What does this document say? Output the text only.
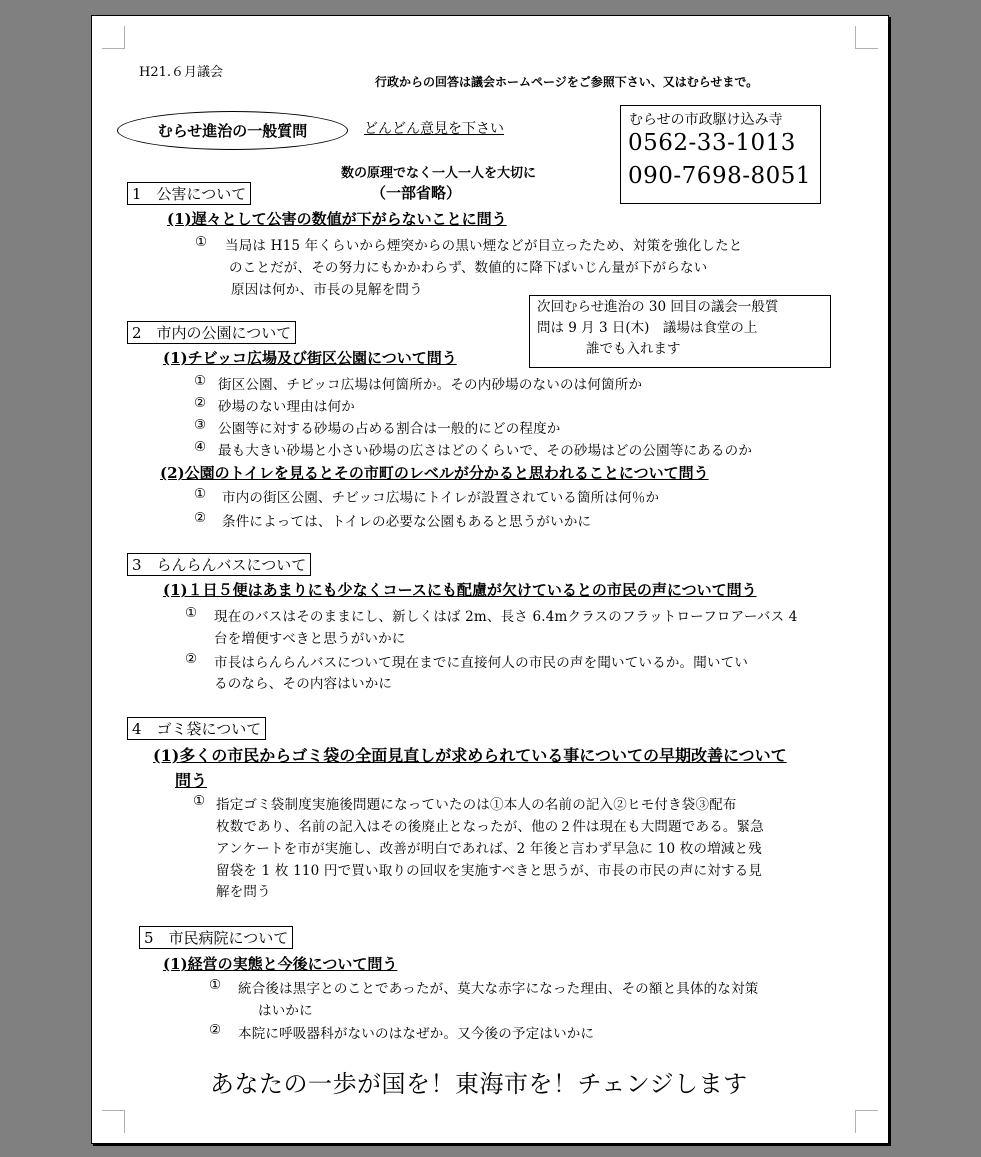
H21.６月議会
行政からの回答は議会ホームページをご参照下さい、又はむらせまで。
むらせ進治の一般質問	どんどん意見を下さい
数の原理でなく一人一人を大切に
（一部省略）
むらせの市政駆け込み寺
0562-33-1013
090-7698-8051
1　公害について
(1)遅々として公害の数値が下がらないことに問う
① 当局は H15 年くらいから煙突からの黒い煙などが目立ったため、対策を強化したと
のことだが、その努力にもかかわらず、数値的に降下ばいじん量が下がらない
原因は何か、市長の見解を問う
次回むらせ進治の 30 回目の議会一般質
問は 9 月 3 日(木)　議場は食堂の上
誰でも入れます
2　市内の公園について
(1)チビッコ広場及び街区公園について問う
① 街区公園、チビッコ広場は何箇所か。その内砂場のないのは何箇所か
② 砂場のない理由は何か
③ 公園等に対する砂場の占める割合は一般的にどの程度か
④ 最も大きい砂場と小さい砂場の広さはどのくらいで、その砂場はどの公園等にあるのか
(2)公園のトイレを見るとその市町のレベルが分かると思われることについて問う
① 市内の街区公園、チビッコ広場にトイレが設置されている箇所は何％か
② 条件によっては、トイレの必要な公園もあると思うがいかに
3　らんらんバスについて
(1)１日５便はあまりにも少なくコースにも配慮が欠けているとの市民の声について問う
① 現在のバスはそのままにし、新しくはば 2m、長さ 6.4mクラスのフラットローフロアーバス 4
台を増便すべきと思うがいかに
② 市長はらんらんバスについて現在までに直接何人の市民の声を聞いているか。聞いてい
るのなら、その内容はいかに
4　ゴミ袋について
(1)多くの市民からゴミ袋の全面見直しが求められている事についての早期改善について
問う
① 指定ゴミ袋制度実施後問題になっていたのは①本人の名前の記入②ヒモ付き袋③配布
枚数であり、名前の記入はその後廃止となったが、他の２件は現在も大問題である。緊急
アンケートを市が実施し、改善が明白であれば、2 年後と言わず早急に 10 枚の増減と残
留袋を 1 枚 110 円で買い取りの回収を実施すべきと思うが、市長の市民の声に対する見
解を問う
5　市民病院について
(1)経営の実態と今後について問う
① 統合後は黒字とのことであったが、莫大な赤字になった理由、その額と具体的な対策
はいかに
② 本院に呼吸器科がないのはなぜか。又今後の予定はいかに
あなたの一歩が国を！東海市を！チェンジします
